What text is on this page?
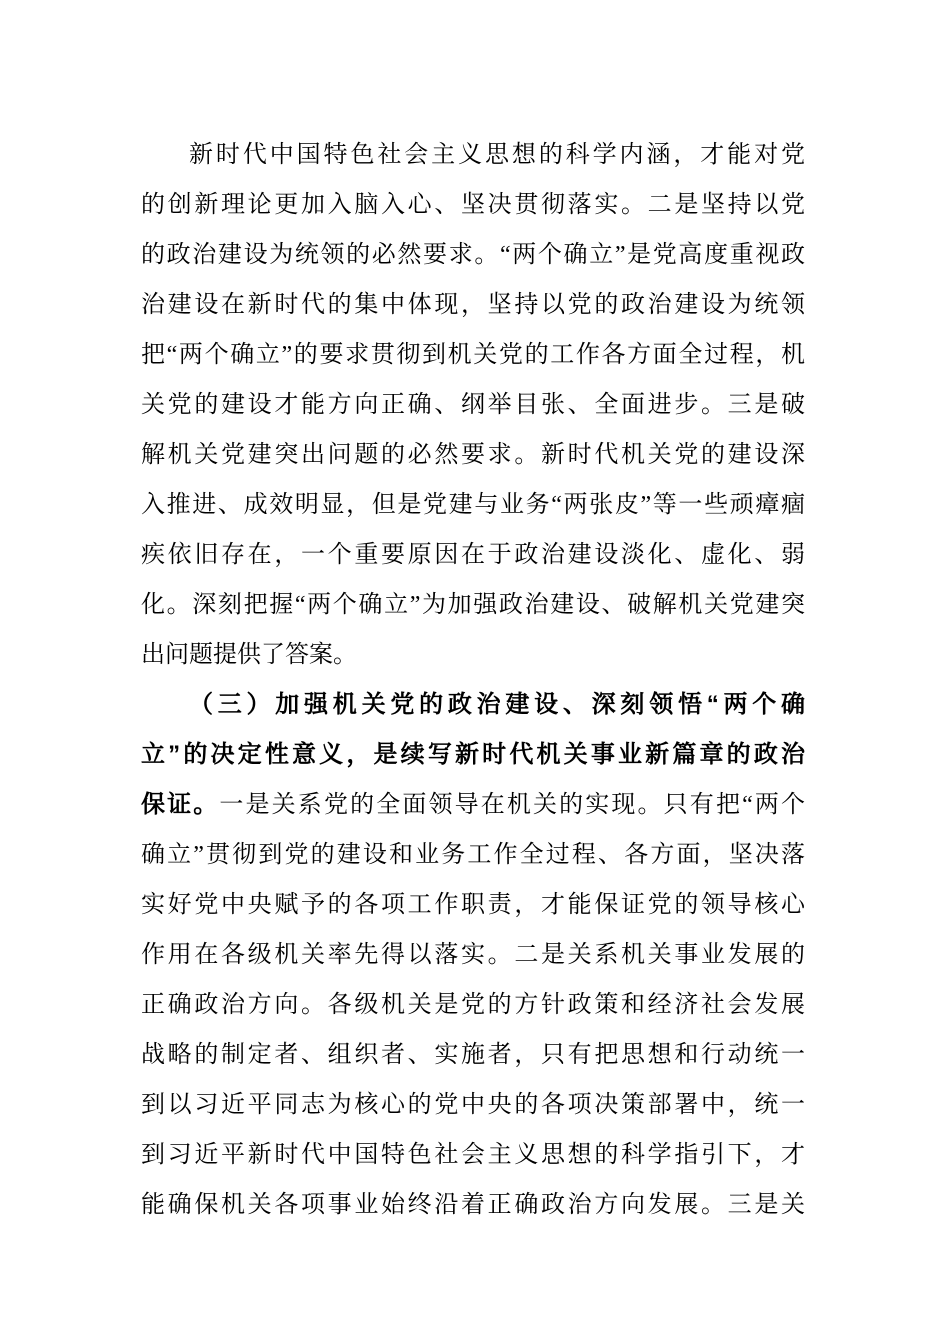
新时代中国特色社会主义思想的科学内涵，才能对党
的创新理论更加入脑入心、坚决贯彻落实。二是坚持以党
的政治建设为统领的必然要求。“两个确立”是党高度重视政
治建设在新时代的集中体现，坚持以党的政治建设为统领
把“两个确立”的要求贯彻到机关党的工作各方面全过程，机
关党的建设才能方向正确、纲举目张、全面进步。三是破
解机关党建突出问题的必然要求。新时代机关党的建设深
入推进、成效明显，但是党建与业务“两张皮”等一些顽瘴痼
疾依旧存在，一个重要原因在于政治建设淡化、虚化、弱
化。深刻把握“两个确立”为加强政治建设、破解机关党建突
出问题提供了答案。
（三）加强机关党的政治建设、深刻领悟“两个确
立”的决定性意义，是续写新时代机关事业新篇章的政治
保证。一是关系党的全面领导在机关的实现。只有把“两个
确立”贯彻到党的建设和业务工作全过程、各方面，坚决落
实好党中央赋予的各项工作职责，才能保证党的领导核心
作用在各级机关率先得以落实。二是关系机关事业发展的
正确政治方向。各级机关是党的方针政策和经济社会发展
战略的制定者、组织者、实施者，只有把思想和行动统一
到以习近平同志为核心的党中央的各项决策部署中，统一
到习近平新时代中国特色社会主义思想的科学指引下，才
能确保机关各项事业始终沿着正确政治方向发展。三是关
